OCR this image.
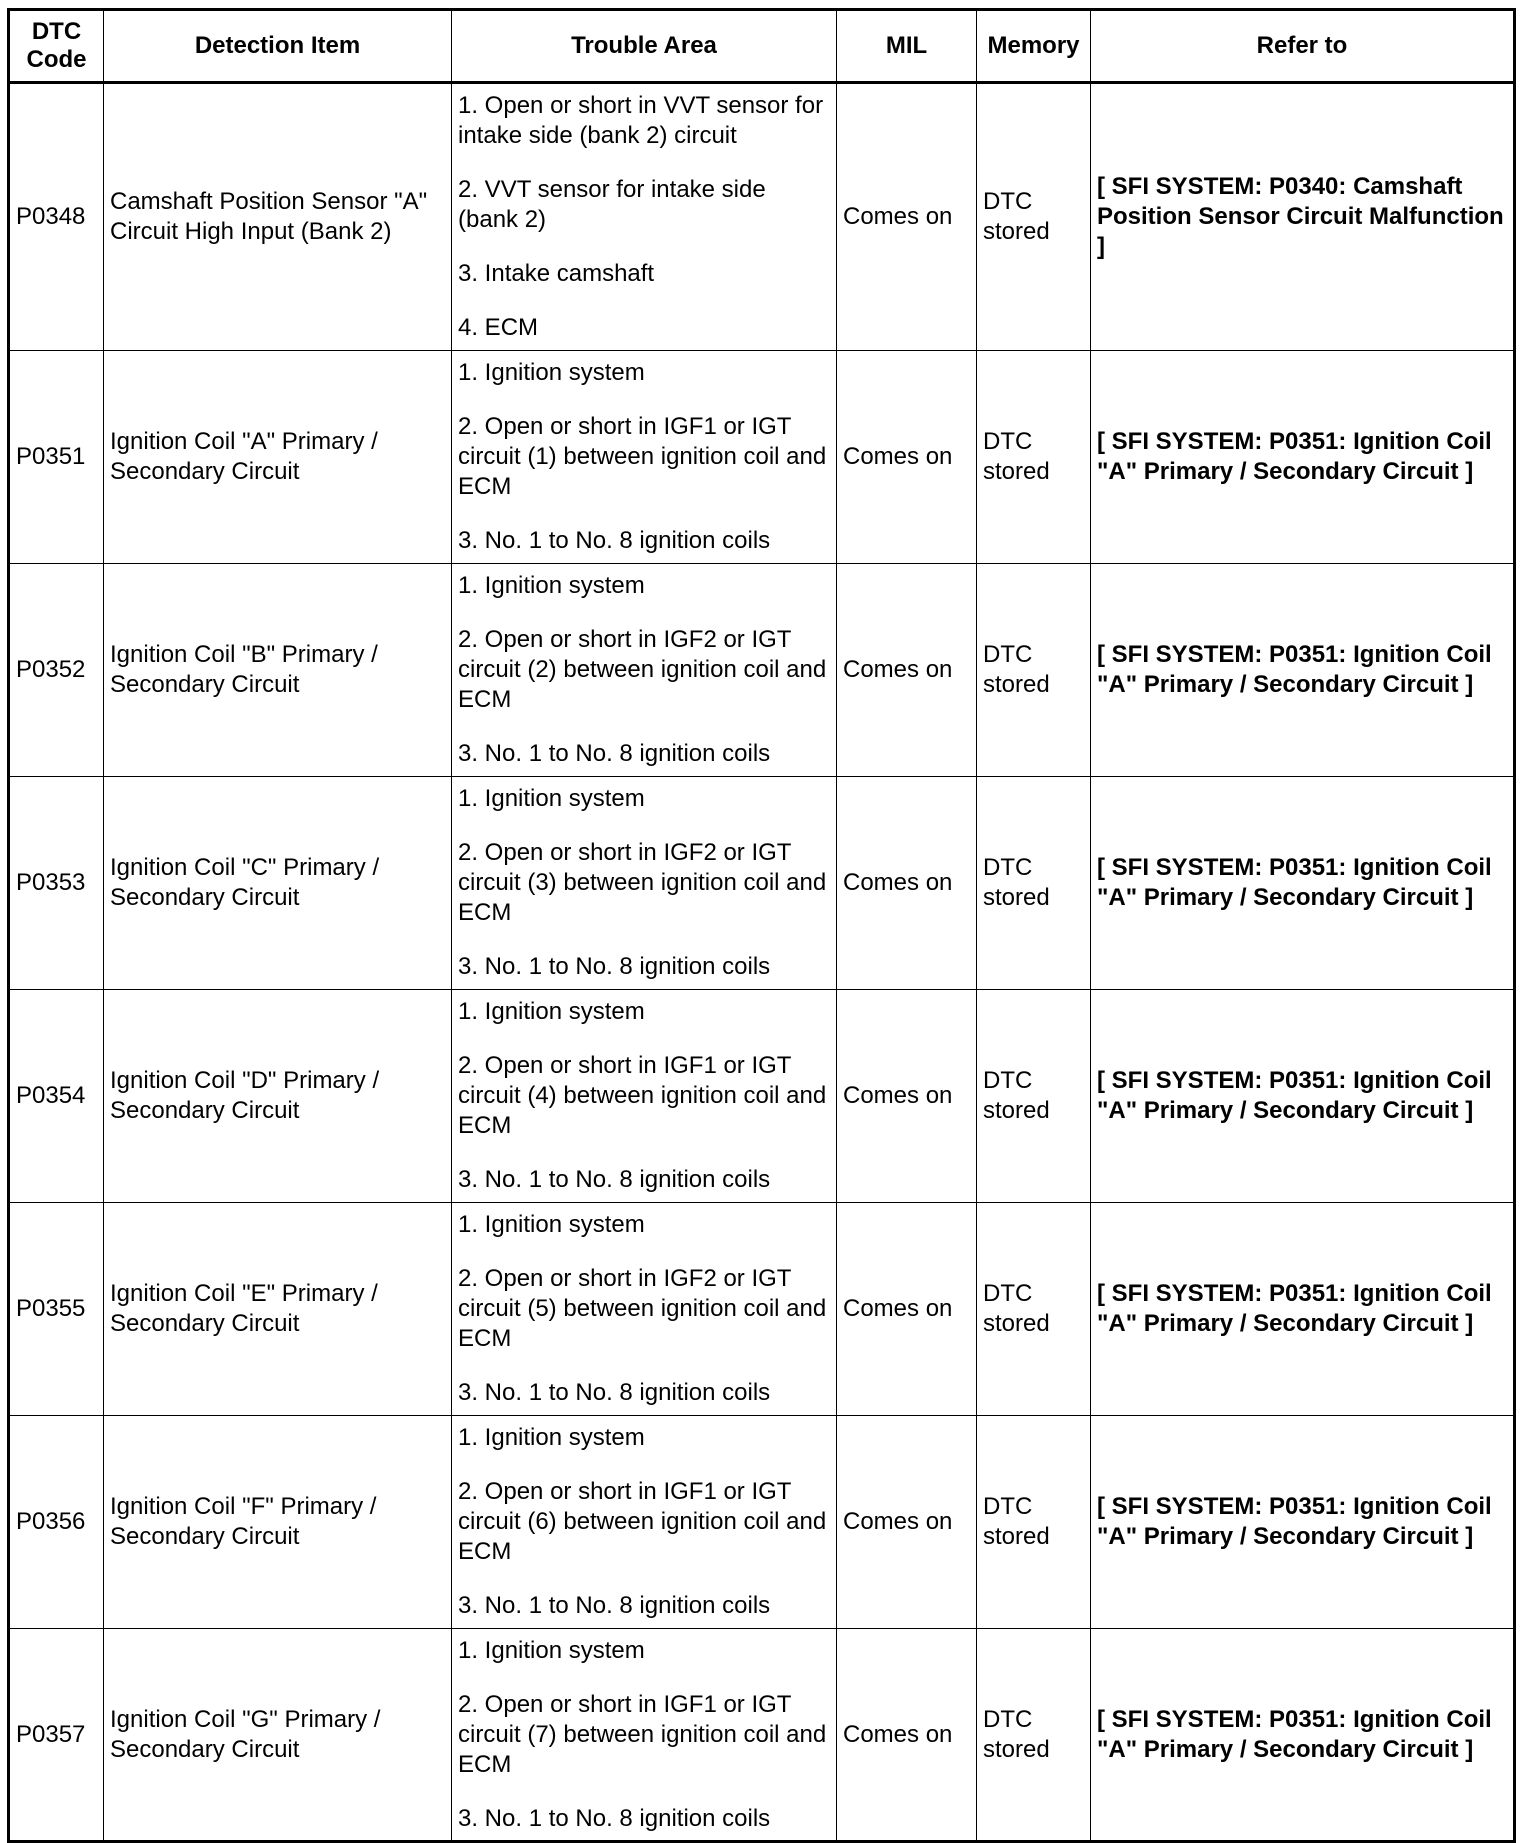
DTC
Code	Detection Item	Trouble Area	MIL	Memory	Refer to
P0348	Camshaft Position Sensor "A" Circuit High Input (Bank 2)	1. Open or short in VVT sensor for intake side (bank 2) circuit
2. VVT sensor for intake side (bank 2)
3. Intake camshaft
4. ECM	Comes on	DTC stored	[ SFI SYSTEM: P0340: Camshaft Position Sensor Circuit Malfunction ]
P0351	Ignition Coil "A" Primary / Secondary Circuit	1. Ignition system
2. Open or short in IGF1 or IGT circuit (1) between ignition coil and ECM
3. No. 1 to No. 8 ignition coils	Comes on	DTC stored	[ SFI SYSTEM: P0351: Ignition Coil "A" Primary / Secondary Circuit ]
P0352	Ignition Coil "B" Primary / Secondary Circuit	1. Ignition system
2. Open or short in IGF2 or IGT circuit (2) between ignition coil and ECM
3. No. 1 to No. 8 ignition coils	Comes on	DTC stored	[ SFI SYSTEM: P0351: Ignition Coil "A" Primary / Secondary Circuit ]
P0353	Ignition Coil "C" Primary / Secondary Circuit	1. Ignition system
2. Open or short in IGF2 or IGT circuit (3) between ignition coil and ECM
3. No. 1 to No. 8 ignition coils	Comes on	DTC stored	[ SFI SYSTEM: P0351: Ignition Coil "A" Primary / Secondary Circuit ]
P0354	Ignition Coil "D" Primary / Secondary Circuit	1. Ignition system
2. Open or short in IGF1 or IGT circuit (4) between ignition coil and ECM
3. No. 1 to No. 8 ignition coils	Comes on	DTC stored	[ SFI SYSTEM: P0351: Ignition Coil "A" Primary / Secondary Circuit ]
P0355	Ignition Coil "E" Primary / Secondary Circuit	1. Ignition system
2. Open or short in IGF2 or IGT circuit (5) between ignition coil and ECM
3. No. 1 to No. 8 ignition coils	Comes on	DTC stored	[ SFI SYSTEM: P0351: Ignition Coil "A" Primary / Secondary Circuit ]
P0356	Ignition Coil "F" Primary / Secondary Circuit	1. Ignition system
2. Open or short in IGF1 or IGT circuit (6) between ignition coil and ECM
3. No. 1 to No. 8 ignition coils	Comes on	DTC stored	[ SFI SYSTEM: P0351: Ignition Coil "A" Primary / Secondary Circuit ]
P0357	Ignition Coil "G" Primary / Secondary Circuit	1. Ignition system
2. Open or short in IGF1 or IGT circuit (7) between ignition coil and ECM
3. No. 1 to No. 8 ignition coils	Comes on	DTC stored	[ SFI SYSTEM: P0351: Ignition Coil "A" Primary / Secondary Circuit ]
